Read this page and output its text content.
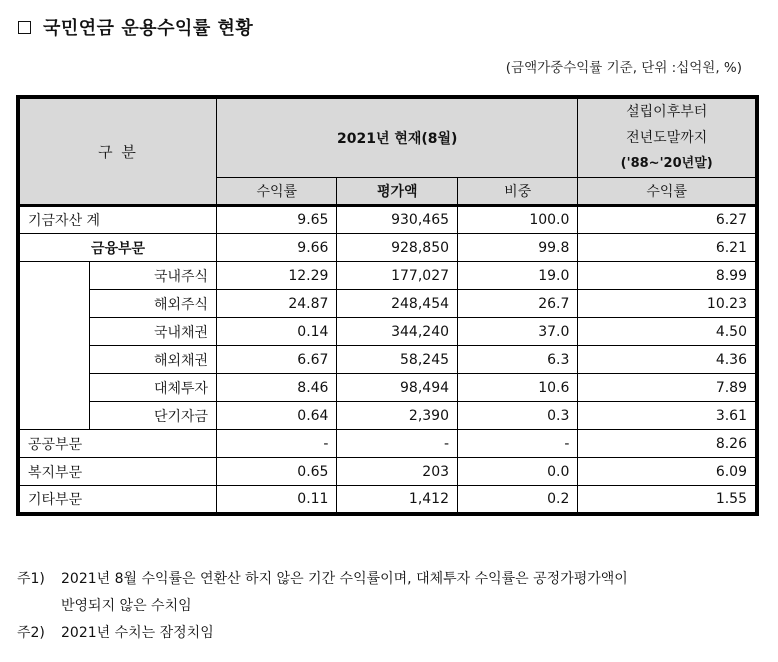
국민연금 운용수익률 현황
(금액가중수익률 기준, 단위 :십억원, %)
구 분		2021년 현재(8월)			설립이후부터
전년도말까지
('88~'20년말)

		수익률	평가액	비중	수익률
기금자산 계		9.65	930,465	100.0	6.27
금융부문		9.66	928,850	99.8	6.21
	국내주식	12.29	177,027	19.0	8.99
	해외주식	24.87	248,454	26.7	10.23
	국내채권	0.14	344,240	37.0	4.50
	해외채권	6.67	58,245	6.3	4.36
	대체투자	8.46	98,494	10.6	7.89
	단기자금	0.64	2,390	0.3	3.61
공공부문		-	-	-	8.26
복지부문		0.65	203	0.0	6.09
기타부문		0.11	1,412	0.2	1.55
주1)	2021년 8월 수익률은 연환산 하지 않은 기간 수익률이며, 대체투자 수익률은 공정가평가액이
반영되지 않은 수치임
주2)	2021년 수치는 잠정치임
